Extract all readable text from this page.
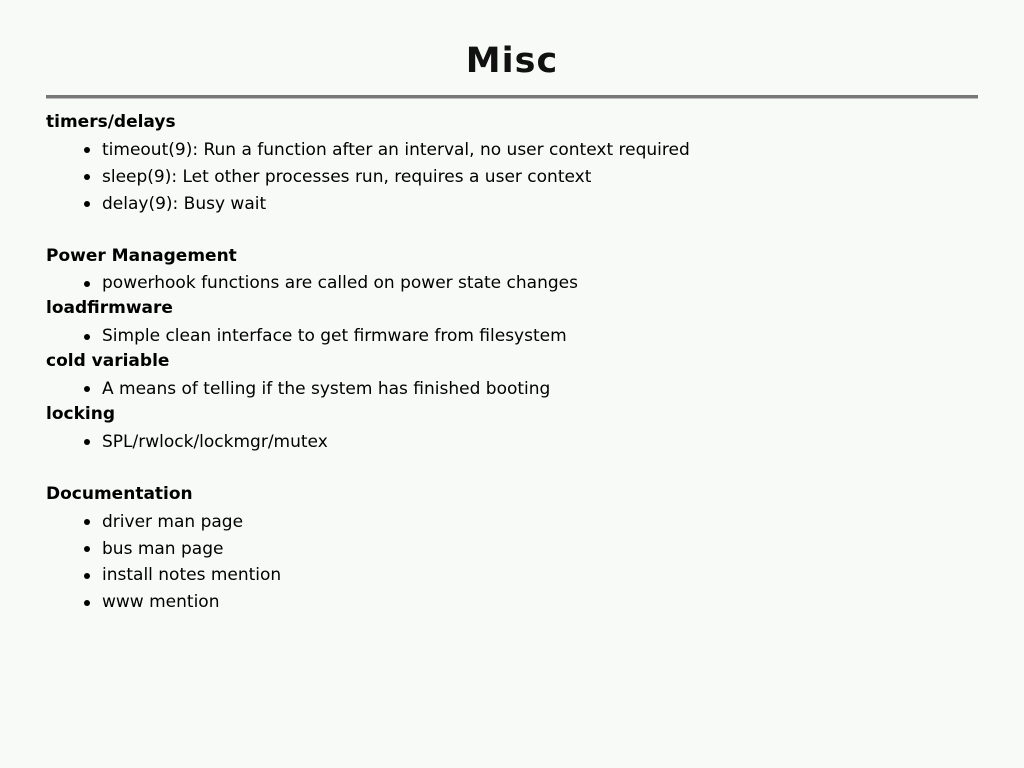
Misc
timers/delays
timeout(9): Run a function after an interval, no user context required
sleep(9): Let other processes run, requires a user context
delay(9): Busy wait
Power Management
powerhook functions are called on power state changes
loadfirmware
Simple clean interface to get firmware from filesystem
cold variable
A means of telling if the system has finished booting
locking
SPL/rwlock/lockmgr/mutex
Documentation
driver man page
bus man page
install notes mention
www mention
